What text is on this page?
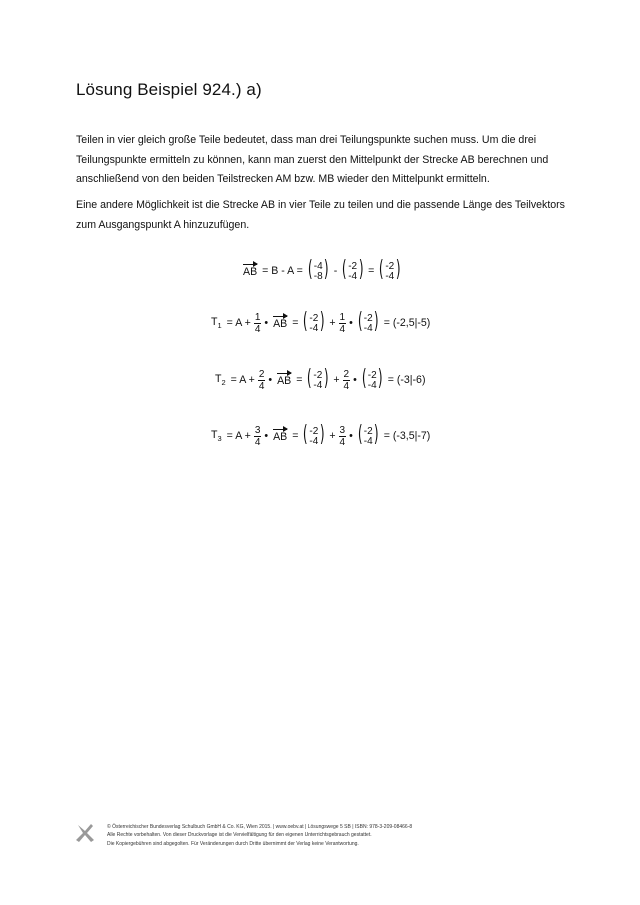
Lösung Beispiel 924.) a)
Teilen in vier gleich große Teile bedeutet, dass man drei Teilungspunkte suchen muss. Um die drei Teilungspunkte ermitteln zu können, kann man zuerst den Mittelpunkt der Strecke AB berechnen und anschließend von den beiden Teilstrecken AM bzw. MB wieder den Mittelpunkt ermitteln.
Eine andere Möglichkeit ist die Strecke AB in vier Teile zu teilen und die passende Länge des Teilvektors zum Ausgangspunkt A hinzuzufügen.
AB = B - A = ( -4
-8 ) - ( -2
-4 ) = ( -2
-4 )
$T_1 = A + \frac{1}{4}$ • AB = ( -2
-4 ) + $\frac{1}{4}$ • ( -2
-4 ) = (-2,5|-5)
$T_2 = A + \frac{2}{4}$ • AB = ( -2
-4 ) + $\frac{2}{4}$ • ( -2
-4 ) = (-3|-6)
$T_3 = A + \frac{3}{4}$ • AB = ( -2
-4 ) + $\frac{3}{4}$ • ( -2
-4 ) = (-3,5|-7)
© Österreichischer Bundesverlag Schulbuch GmbH & Co. KG, Wien 2015. | www.oebv.at | Lösungswege 5 SB | ISBN: 978-3-209-08466-8
Alle Rechte vorbehalten. Von dieser Druckvorlage ist die Vervielfältigung für den eigenen Unterrichtsgebrauch gestattet.
Die Kopiergebühren sind abgegolten. Für Veränderungen durch Dritte übernimmt der Verlag keine Verantwortung.
